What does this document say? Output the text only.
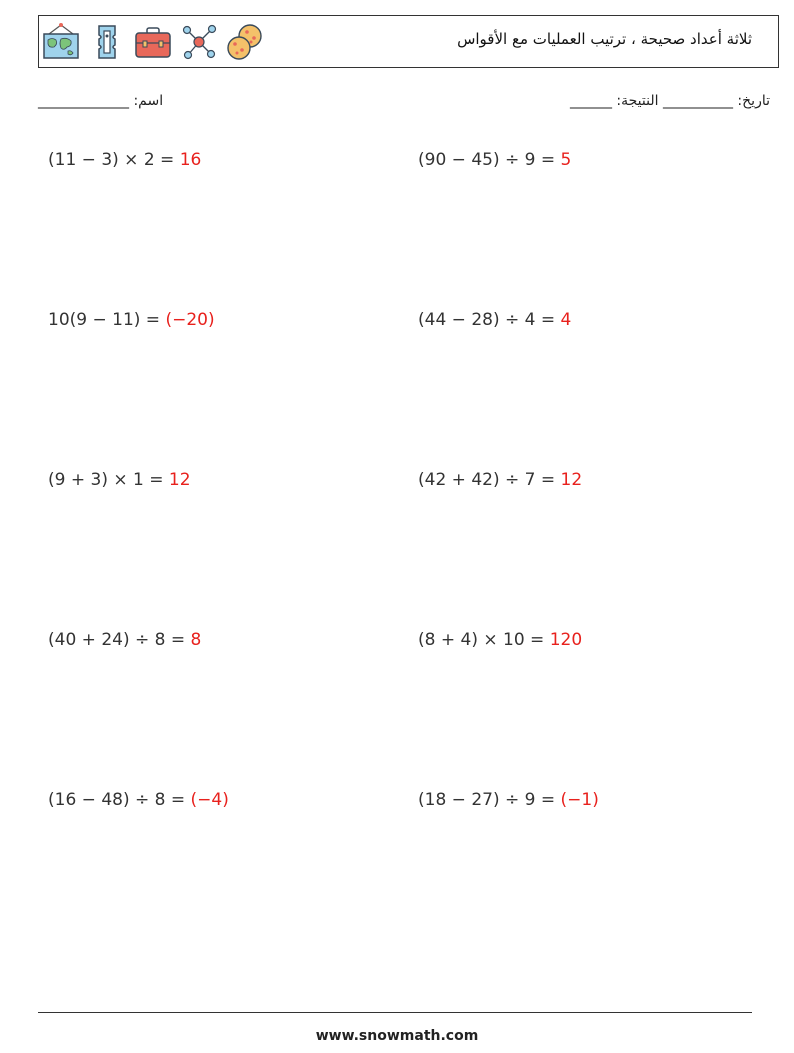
ثلاثة أعداد صحيحة ، ترتيب العمليات مع الأقواس
_____________ :اسم	______ :تاريخ: __________ النتيجة
(11 − 3) × 2 = 16	(90 − 45) ÷ 9 = 5
10(9 − 11) = (−20)	(44 − 28) ÷ 4 = 4
(9 + 3) × 1 = 12	(42 + 42) ÷ 7 = 12
(40 + 24) ÷ 8 = 8	(8 + 4) × 10 = 120
(16 − 48) ÷ 8 = (−4)	(18 − 27) ÷ 9 = (−1)
www.snowmath.com
